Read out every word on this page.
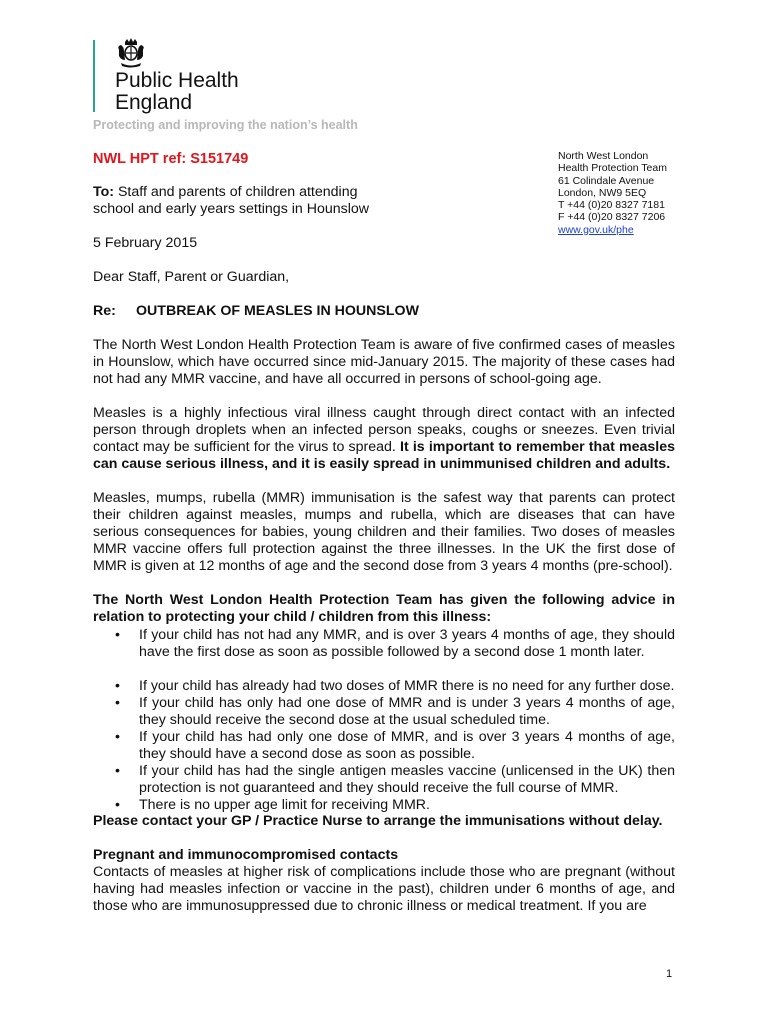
Public Health
England
Protecting and improving the nation’s health
North West London
Health Protection Team
61 Colindale Avenue
London, NW9 5EQ
T +44 (0)20 8327 7181
F +44 (0)20 8327 7206
www.gov.uk/phe
NWL HPT ref: S151749
To: Staff and parents of children attending school and early years settings in Hounslow
5 February 2015
Dear Staff, Parent or Guardian,
Re: OUTBREAK OF MEASLES IN HOUNSLOW

The North West London Health Protection Team is aware of five confirmed cases of measles in Hounslow, which have occurred since mid-January 2015. The majority of these cases had not had any MMR vaccine, and have all occurred in persons of school-going age.

Measles is a highly infectious viral illness caught through direct contact with an infected person through droplets when an infected person speaks, coughs or sneezes. Even trivial contact may be sufficient for the virus to spread. It is important to remember that measles can cause serious illness, and it is easily spread in unimmunised children and adults.

Measles, mumps, rubella (MMR) immunisation is the safest way that parents can protect their children against measles, mumps and rubella, which are diseases that can have serious consequences for babies, young children and their families. Two doses of measles MMR vaccine offers full protection against the three illnesses. In the UK the first dose of MMR is given at 12 months of age and the second dose from 3 years 4 months (pre-school).

The North West London Health Protection Team has given the following advice in relation to protecting your child / children from this illness:

• If your child has not had any MMR, and is over 3 years 4 months of age, they should have the first dose as soon as possible followed by a second dose 1 month later.
• If your child has already had two doses of MMR there is no need for any further dose.
• If your child has only had one dose of MMR and is under 3 years 4 months of age, they should receive the second dose at the usual scheduled time.
• If your child has had only one dose of MMR, and is over 3 years 4 months of age, they should have a second dose as soon as possible.
• If your child has had the single antigen measles vaccine (unlicensed in the UK) then protection is not guaranteed and they should receive the full course of MMR.
• There is no upper age limit for receiving MMR.
Please contact your GP / Practice Nurse to arrange the immunisations without delay.
Pregnant and immunocompromised contacts

Contacts of measles at higher risk of complications include those who are pregnant (without having had measles infection or vaccine in the past), children under 6 months of age, and those who are immunosuppressed due to chronic illness or medical treatment. If you are

1
